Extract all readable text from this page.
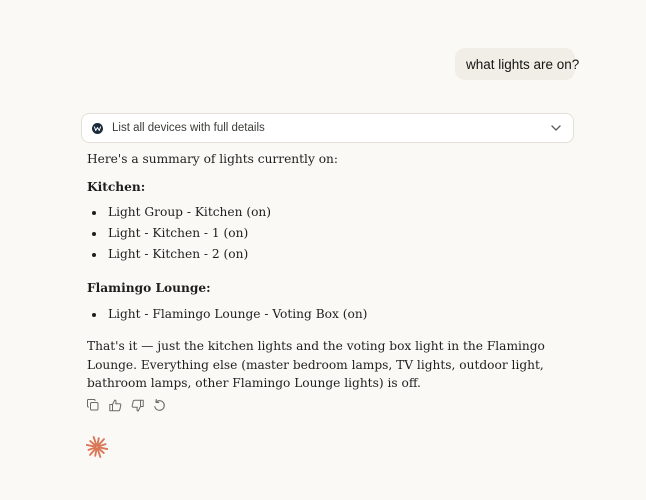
what lights are on?
List all devices with full details

Here's a summary of lights currently on:

Kitchen:

Light Group - Kitchen (on)
Light - Kitchen - 1 (on)
Light - Kitchen - 2 (on)

Flamingo Lounge:

Light - Flamingo Lounge - Voting Box (on)

That's it — just the kitchen lights and the voting box light in the Flamingo Lounge. Everything else (master bedroom lamps, TV lights, outdoor light, bathroom lamps, other Flamingo Lounge lights) is off.
